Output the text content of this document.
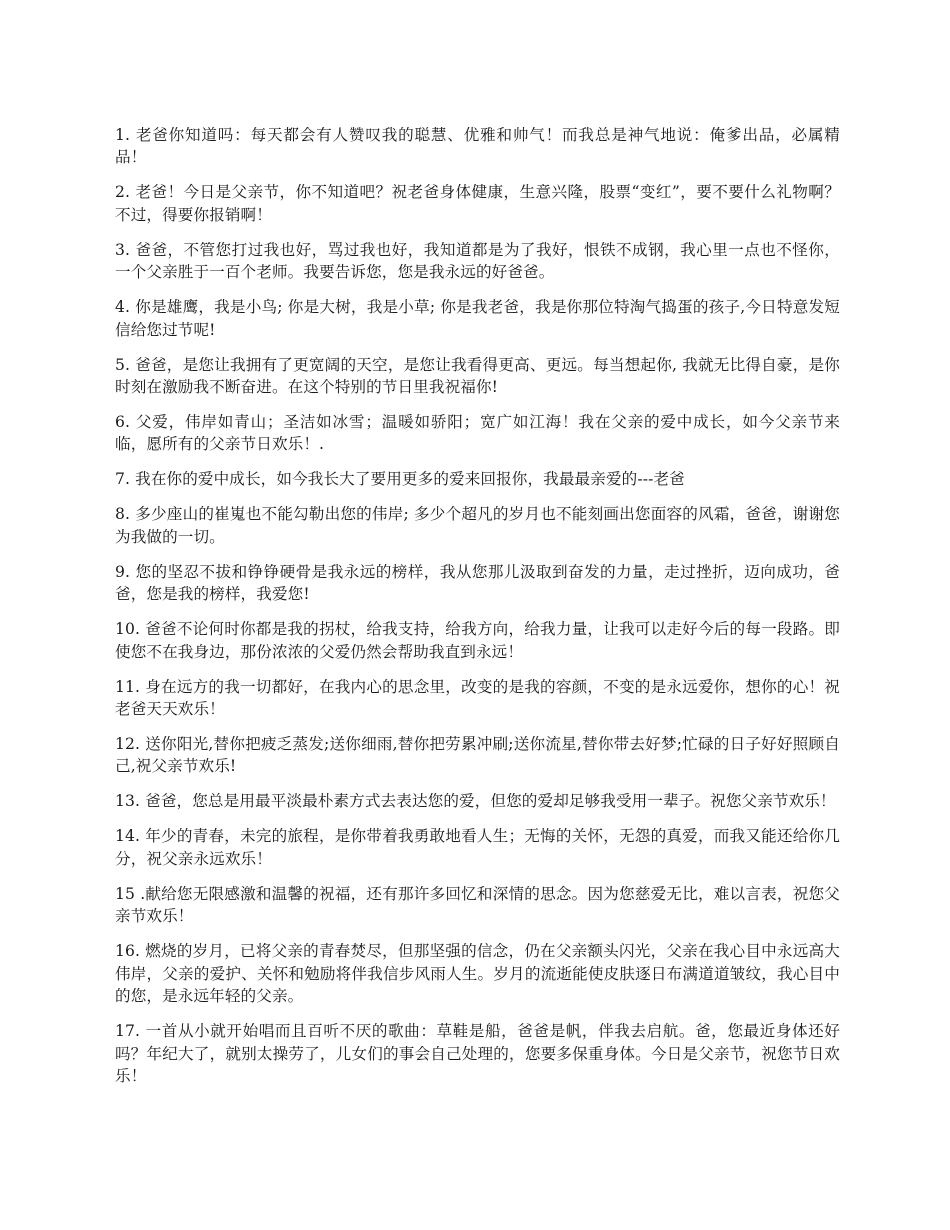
1. 老爸你知道吗：每天都会有人赞叹我的聪慧、优雅和帅气！而我总是神气地说：俺爹出品，必属精品！

2. 老爸！今日是父亲节，你不知道吧？祝老爸身体健康，生意兴隆，股票“变红”，要不要什么礼物啊？不过，得要你报销啊！

3. 爸爸，不管您打过我也好，骂过我也好，我知道都是为了我好，恨铁不成钢，我心里一点也不怪你，一个父亲胜于一百个老师。我要告诉您，您是我永远的好爸爸。

4. 你是雄鹰，我是小鸟; 你是大树，我是小草; 你是我老爸，我是你那位特淘气捣蛋的孩子,今日特意发短信给您过节呢!

5. 爸爸，是您让我拥有了更宽阔的天空，是您让我看得更高、更远。每当想起你, 我就无比得自豪，是你时刻在激励我不断奋进。在这个特别的节日里我祝福你!

6. 父爱，伟岸如青山；圣洁如冰雪；温暖如骄阳；宽广如江海！我在父亲的爱中成长，如今父亲节来临，愿所有的父亲节日欢乐！.

7. 我在你的爱中成长，如今我长大了要用更多的爱来回报你，我最最亲爱的---老爸

8. 多少座山的崔嵬也不能勾勒出您的伟岸; 多少个超凡的岁月也不能刻画出您面容的风霜，爸爸，谢谢您为我做的一切。

9. 您的坚忍不拔和铮铮硬骨是我永远的榜样，我从您那儿汲取到奋发的力量，走过挫折，迈向成功，爸爸，您是我的榜样，我爱您!

10. 爸爸不论何时你都是我的拐杖，给我支持，给我方向，给我力量，让我可以走好今后的每一段路。即使您不在我身边，那份浓浓的父爱仍然会帮助我直到永远！

11. 身在远方的我一切都好，在我内心的思念里，改变的是我的容颜，不变的是永远爱你，想你的心！祝老爸天天欢乐！

12. 送你阳光,替你把疲乏蒸发;送你细雨,替你把劳累冲刷;送你流星,替你带去好梦;忙碌的日子好好照顾自己,祝父亲节欢乐!

13. 爸爸，您总是用最平淡最朴素方式去表达您的爱，但您的爱却足够我受用一辈子。祝您父亲节欢乐！

14. 年少的青春，未完的旅程，是你带着我勇敢地看人生；无悔的关怀，无怨的真爱，而我又能还给你几分，祝父亲永远欢乐！

15 .献给您无限感激和温馨的祝福，还有那许多回忆和深情的思念。因为您慈爱无比，难以言表，祝您父亲节欢乐！

16. 燃烧的岁月，已将父亲的青春焚尽，但那坚强的信念，仍在父亲额头闪光，父亲在我心目中永远高大伟岸，父亲的爱护、关怀和勉励将伴我信步风雨人生。岁月的流逝能使皮肤逐日布满道道皱纹，我心目中的您，是永远年轻的父亲。

17. 一首从小就开始唱而且百听不厌的歌曲：草鞋是船，爸爸是帆，伴我去启航。爸，您最近身体还好吗？年纪大了，就别太操劳了，儿女们的事会自己处理的，您要多保重身体。今日是父亲节，祝您节日欢乐！
